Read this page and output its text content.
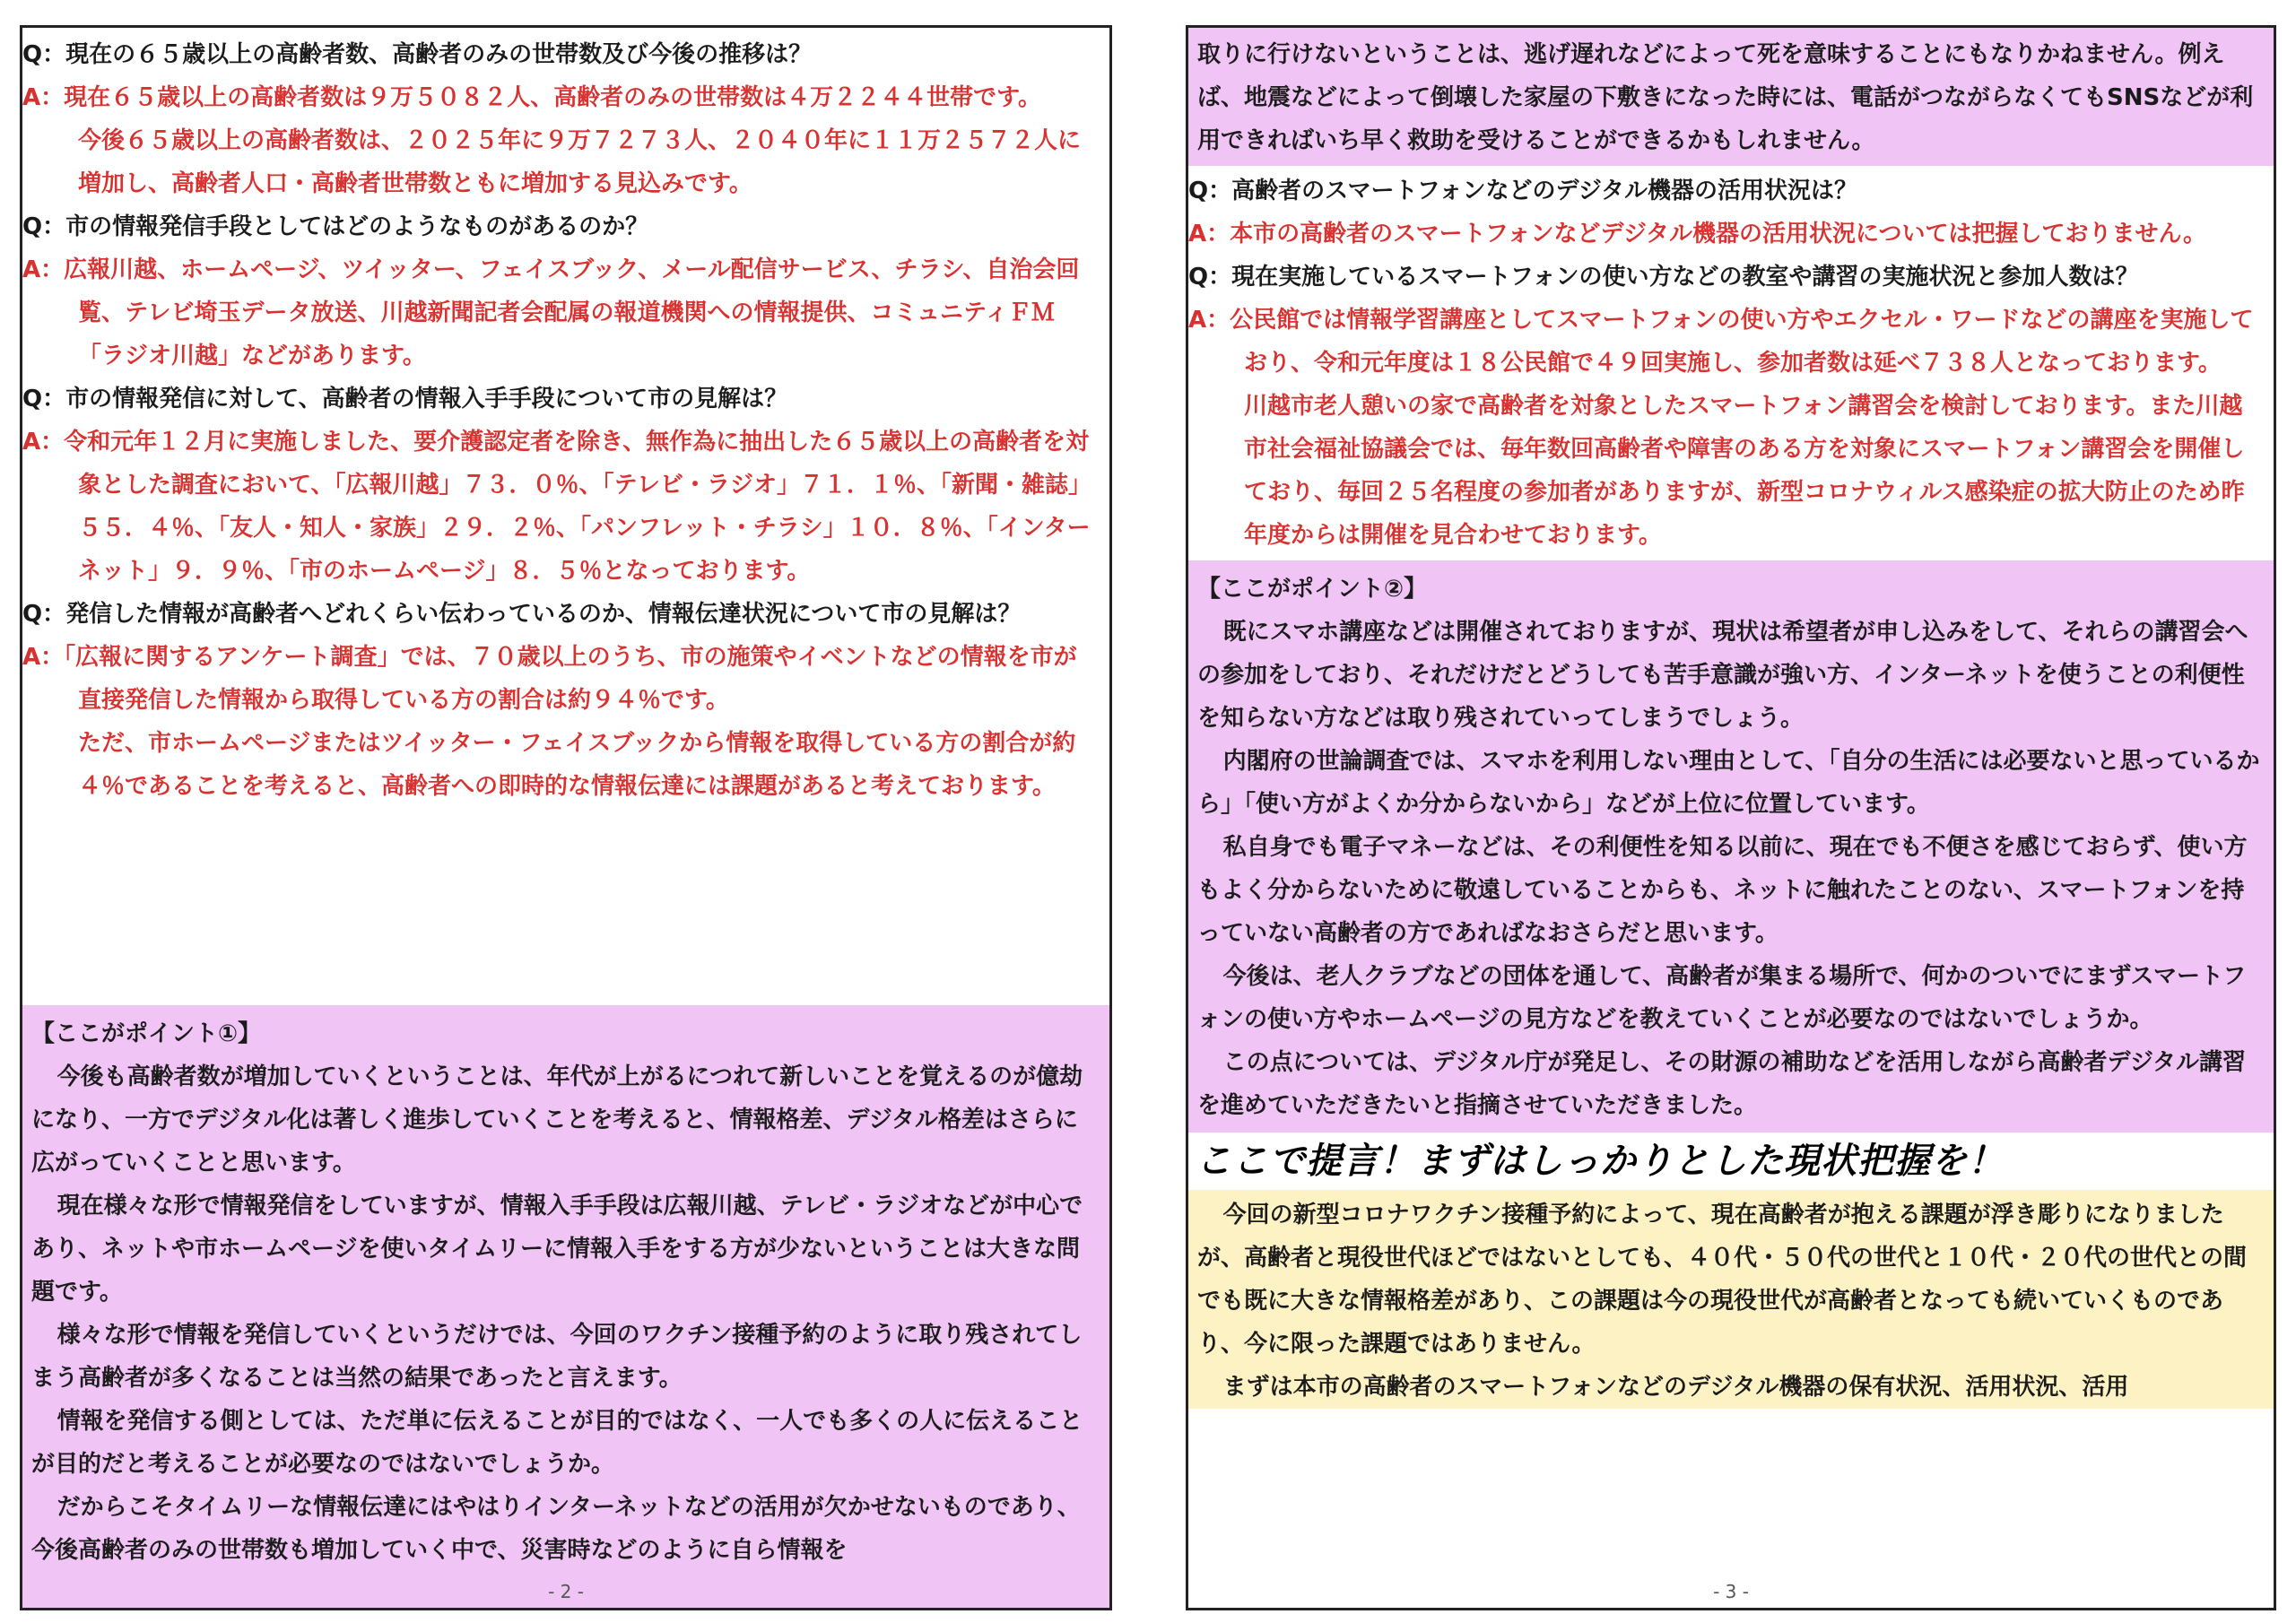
Q：現在の６５歳以上の高齢者数、高齢者のみの世帯数及び今後の推移は？

A：現在６５歳以上の高齢者数は９万５０８２人、高齢者のみの世帯数は４万２２４４世帯です。

今後６５歳以上の高齢者数は、２０２５年に９万７２７３人、２０４０年に１１万２５７２人に増加し、高齢者人口・高齢者世帯数ともに増加する見込みです。

Q：市の情報発信手段としてはどのようなものがあるのか？

A：広報川越、ホームページ、ツイッター、フェイスブック、メール配信サービス、チラシ、自治会回覧、テレビ埼玉データ放送、川越新聞記者会配属の報道機関への情報提供、コミュニティＦＭ「ラジオ川越」などがあります。

Q：市の情報発信に対して、高齢者の情報入手手段について市の見解は？

A：令和元年１２月に実施しました、要介護認定者を除き、無作為に抽出した６５歳以上の高齢者を対象とした調査において、「広報川越」７３．０％、「テレビ・ラジオ」７１．１％、「新聞・雑誌」５５．４％、「友人・知人・家族」２９．２％、「パンフレット・チラシ」１０．８％、「インターネット」９．９％、「市のホームページ」８．５％となっております。

Q：発信した情報が高齢者へどれくらい伝わっているのか、情報伝達状況について市の見解は？

A：「広報に関するアンケート調査」では、７０歳以上のうち、市の施策やイベントなどの情報を市が直接発信した情報から取得している方の割合は約９４％です。

ただ、市ホームページまたはツイッター・フェイスブックから情報を取得している方の割合が約４％であることを考えると、高齢者への即時的な情報伝達には課題があると考えております。

【ここがポイント①】

今後も高齢者数が増加していくということは、年代が上がるにつれて新しいことを覚えるのが億劫になり、一方でデジタル化は著しく進歩していくことを考えると、情報格差、デジタル格差はさらに広がっていくことと思います。

現在様々な形で情報発信をしていますが、情報入手手段は広報川越、テレビ・ラジオなどが中心であり、ネットや市ホームページを使いタイムリーに情報入手をする方が少ないということは大きな問題です。

様々な形で情報を発信していくというだけでは、今回のワクチン接種予約のように取り残されてしまう高齢者が多くなることは当然の結果であったと言えます。

情報を発信する側としては、ただ単に伝えることが目的ではなく、一人でも多くの人に伝えることが目的だと考えることが必要なのではないでしょうか。

だからこそタイムリーな情報伝達にはやはりインターネットなどの活用が欠かせないものであり、今後高齢者のみの世帯数も増加していく中で、災害時などのように自ら情報を

- 2 -

取りに行けないということは、逃げ遅れなどによって死を意味することにもなりかねません。例えば、地震などによって倒壊した家屋の下敷きになった時には、電話がつながらなくてもSNSなどが利用できればいち早く救助を受けることができるかもしれません。

Q：高齢者のスマートフォンなどのデジタル機器の活用状況は？

A：本市の高齢者のスマートフォンなどデジタル機器の活用状況については把握しておりません。

Q：現在実施しているスマートフォンの使い方などの教室や講習の実施状況と参加人数は？

A：公民館では情報学習講座としてスマートフォンの使い方やエクセル・ワードなどの講座を実施しており、令和元年度は１８公民館で４９回実施し、参加者数は延べ７３８人となっております。

川越市老人憩いの家で高齢者を対象としたスマートフォン講習会を検討しております。また川越市社会福祉協議会では、毎年数回高齢者や障害のある方を対象にスマートフォン講習会を開催しており、毎回２５名程度の参加者がありますが、新型コロナウィルス感染症の拡大防止のため昨年度からは開催を見合わせております。

【ここがポイント②】

既にスマホ講座などは開催されておりますが、現状は希望者が申し込みをして、それらの講習会への参加をしており、それだけだとどうしても苦手意識が強い方、インターネットを使うことの利便性を知らない方などは取り残されていってしまうでしょう。

内閣府の世論調査では、スマホを利用しない理由として、「自分の生活には必要ないと思っているから」「使い方がよくか分からないから」などが上位に位置しています。

私自身でも電子マネーなどは、その利便性を知る以前に、現在でも不便さを感じておらず、使い方もよく分からないために敬遠していることからも、ネットに触れたことのない、スマートフォンを持っていない高齢者の方であればなおさらだと思います。

今後は、老人クラブなどの団体を通して、高齢者が集まる場所で、何かのついでにまずスマートフォンの使い方やホームページの見方などを教えていくことが必要なのではないでしょうか。

この点については、デジタル庁が発足し、その財源の補助などを活用しながら高齢者デジタル講習を進めていただきたいと指摘させていただきました。

ここで提言！まずはしっかりとした現状把握を！

今回の新型コロナワクチン接種予約によって、現在高齢者が抱える課題が浮き彫りになりましたが、高齢者と現役世代ほどではないとしても、４０代・５０代の世代と１０代・２０代の世代との間でも既に大きな情報格差があり、この課題は今の現役世代が高齢者となっても続いていくものであり、今に限った課題ではありません。

まずは本市の高齢者のスマートフォンなどのデジタル機器の保有状況、活用状況、活用

- 3 -
